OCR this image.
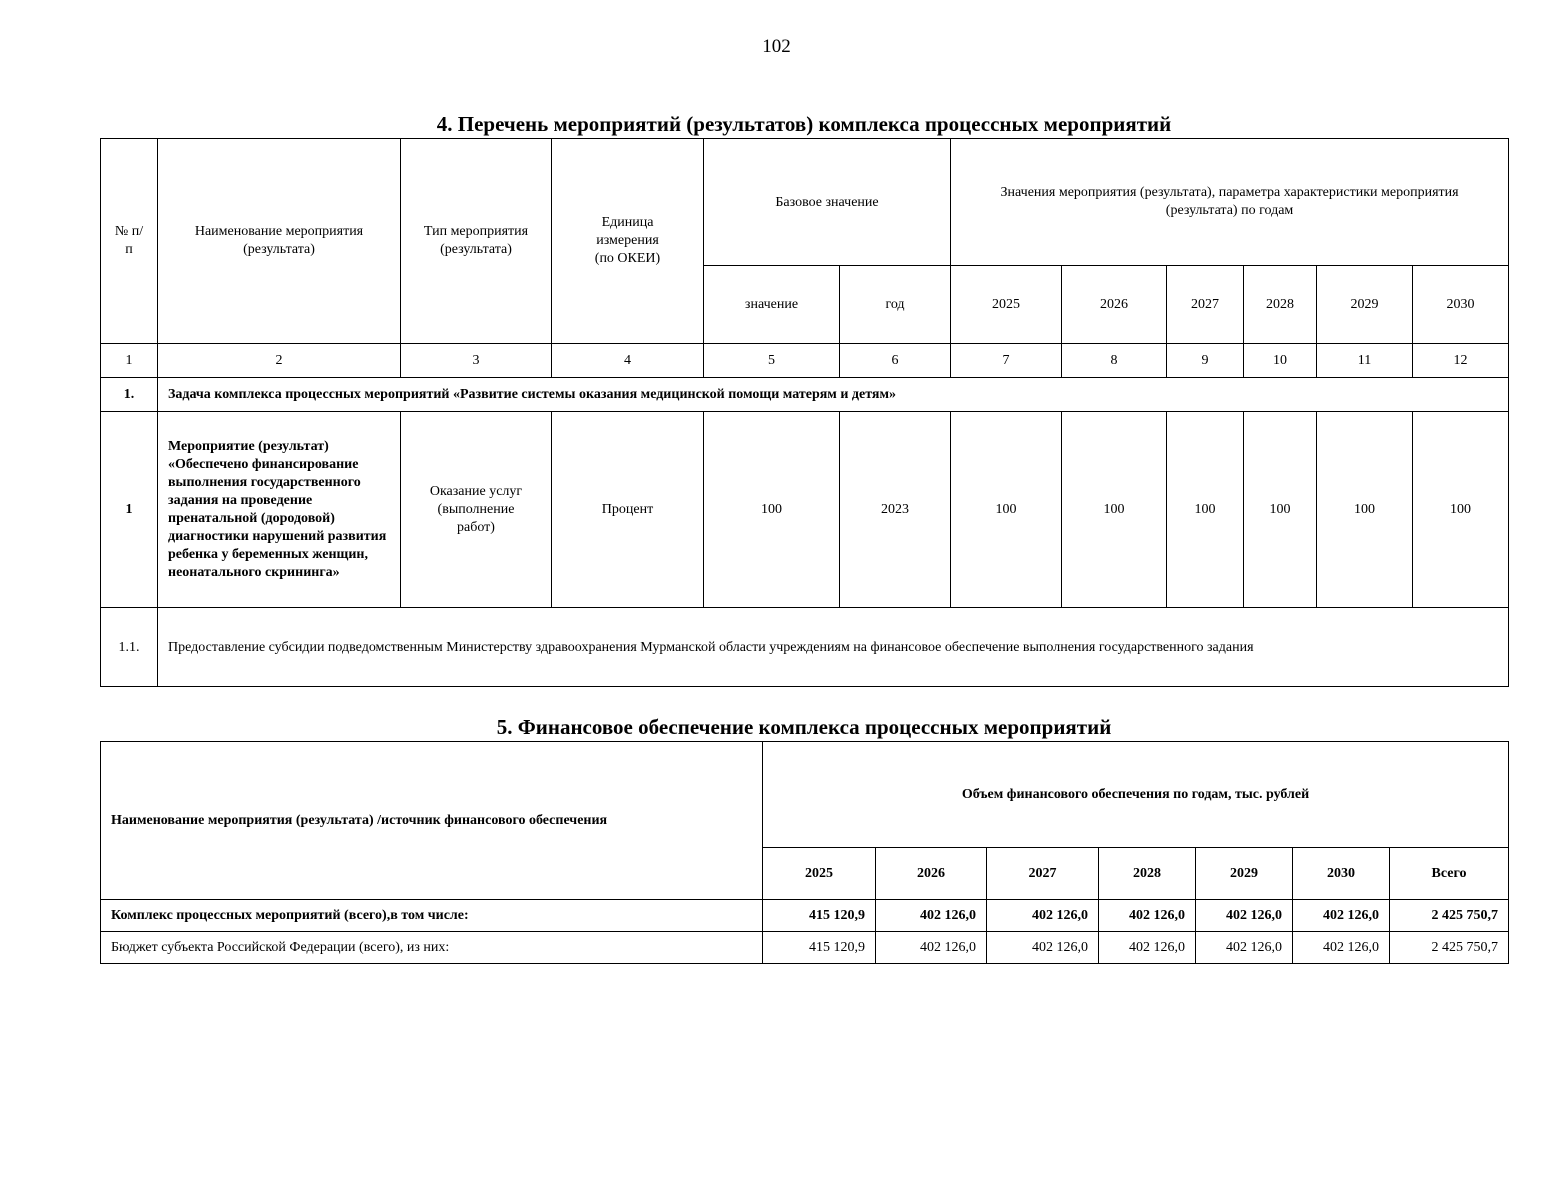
102
4. Перечень мероприятий (результатов) комплекса процессных мероприятий
№ п/п	Наименование мероприятия (результата)	Тип мероприятия (результата)	Единица измерения (по ОКЕИ)	Базовое значение		Значения мероприятия (результата), параметра характеристики мероприятия (результата) по годам					
				значение	год	2025	2026	2027	2028	2029	2030
1	2	3	4	5	6	7	8	9	10	11	12
1.	Задача комплекса процессных мероприятий «Развитие системы оказания медицинской помощи матерям и детям»										
1	Мероприятие (результат) «Обеспечено финансирование выполнения государственного задания на проведение пренатальной (дородовой) диагностики нарушений развития ребенка у беременных женщин, неонатального скрининга»	Оказание услуг (выполнение работ)	Процент	100	2023	100	100	100	100	100	100
1.1.	Предоставление субсидии подведомственным Министерству здравоохранения Мурманской области учреждениям на финансовое обеспечение выполнения государственного задания										
5. Финансовое обеспечение комплекса процессных мероприятий
Наименование мероприятия (результата) /источник финансового обеспечения	Объем финансового обеспечения по годам, тыс. рублей						
	2025	2026	2027	2028	2029	2030	Всего
Комплекс процессных мероприятий (всего),в том числе:	415 120,9	402 126,0	402 126,0	402 126,0	402 126,0	402 126,0	2 425 750,7
Бюджет субъекта Российской Федерации (всего), из них:	415 120,9	402 126,0	402 126,0	402 126,0	402 126,0	402 126,0	2 425 750,7
